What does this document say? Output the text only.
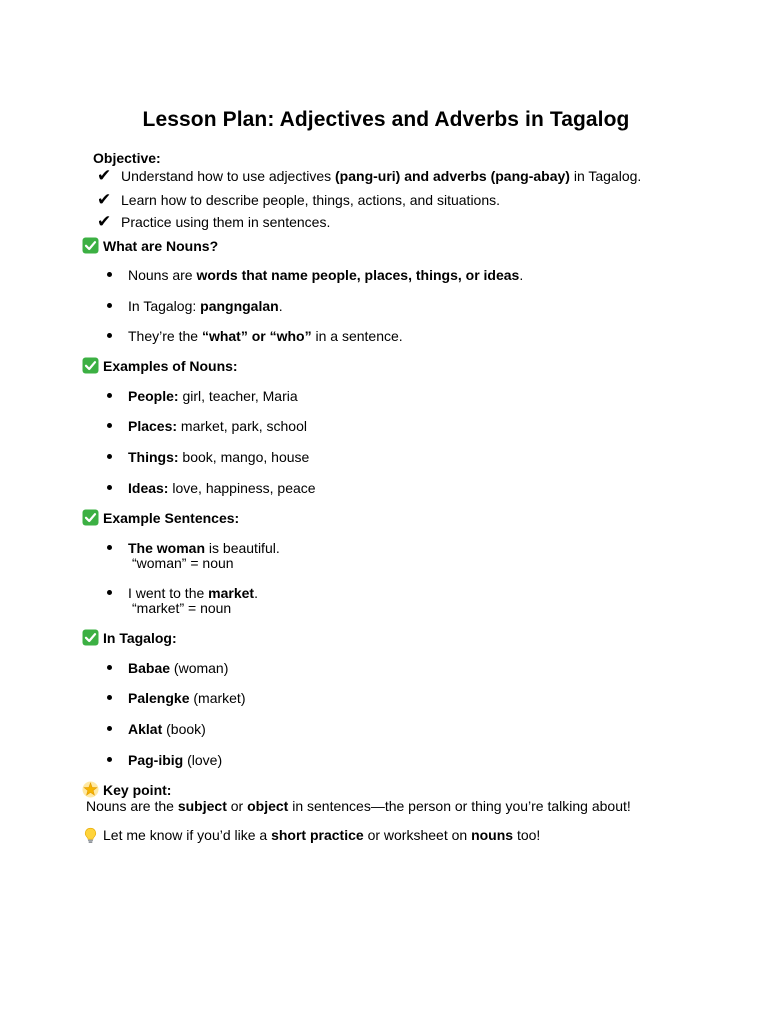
Lesson Plan: Adjectives and Adverbs in Tagalog
Objective:
✔ Understand how to use adjectives (pang-uri) and adverbs (pang-abay) in Tagalog.
✔ Learn how to describe people, things, actions, and situations.
✔ Practice using them in sentences.
What are Nouns?
Nouns are words that name people, places, things, or ideas.
In Tagalog: pangngalan.
They’re the “what” or “who” in a sentence.
Examples of Nouns:
People: girl, teacher, Maria
Places: market, park, school
Things: book, mango, house
Ideas: love, happiness, peace
Example Sentences:
The woman is beautiful.
“woman” = noun
I went to the market.
“market” = noun
In Tagalog:
Babae (woman)
Palengke (market)
Aklat (book)
Pag-ibig (love)
Key point:
Nouns are the subject or object in sentences—the person or thing you’re talking about!
Let me know if you’d like a short practice or worksheet on nouns too!
